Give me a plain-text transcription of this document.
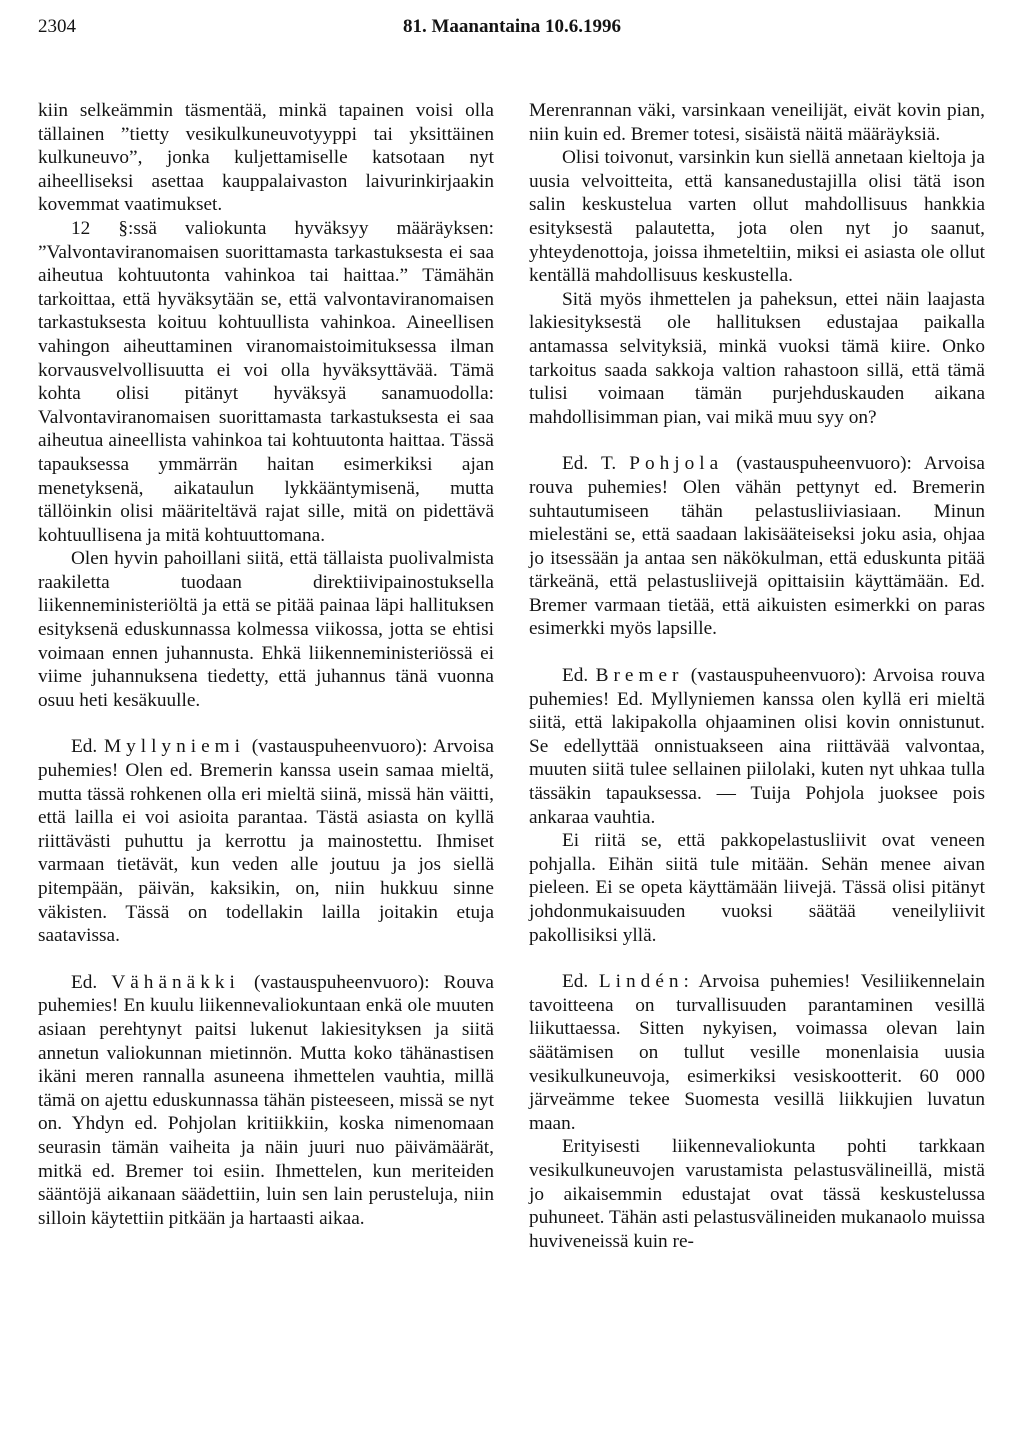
2304	81. Maanantaina 10.6.1996

kiin selkeämmin täsmentää, minkä tapainen voisi olla tällainen ”tietty vesikulkuneuvotyyppi tai yksittäinen kulkuneuvo”, jonka kuljettamiselle katsotaan nyt aiheelliseksi asettaa kauppalaivaston laivurinkirjaakin kovemmat vaatimukset.

12 §:ssä valiokunta hyväksyy määräyksen: ”Valvontaviranomaisen suorittamasta tarkastuksesta ei saa aiheutua kohtuutonta vahinkoa tai haittaa.” Tämähän tarkoittaa, että hyväksytään se, että valvontaviranomaisen tarkastuksesta koituu kohtuullista vahinkoa. Aineellisen vahingon aiheuttaminen viranomaistoimituksessa ilman korvausvelvollisuutta ei voi olla hyväksyttävää. Tämä kohta olisi pitänyt hyväksyä sanamuodolla: Valvontaviranomaisen suorittamasta tarkastuksesta ei saa aiheutua aineellista vahinkoa tai kohtuutonta haittaa. Tässä tapauksessa ymmärrän haitan esimerkiksi ajan menetyksenä, aikataulun lykkääntymisenä, mutta tällöinkin olisi määriteltävä rajat sille, mitä on pidettävä kohtuullisena ja mitä kohtuuttomana.

Olen hyvin pahoillani siitä, että tällaista puolivalmista raakiletta tuodaan direktiivipainostuksella liikenneministeriöltä ja että se pitää painaa läpi hallituksen esityksenä eduskunnassa kolmessa viikossa, jotta se ehtisi voimaan ennen juhannusta. Ehkä liikenneministeriössä ei viime juhannuksena tiedetty, että juhannus tänä vuonna osuu heti kesäkuulle.

Ed. Myllyniemi (vastauspuheenvuoro): Arvoisa puhemies! Olen ed. Bremerin kanssa usein samaa mieltä, mutta tässä rohkenen olla eri mieltä siinä, missä hän väitti, että lailla ei voi asioita parantaa. Tästä asiasta on kyllä riittävästi puhuttu ja kerrottu ja mainostettu. Ihmiset varmaan tietävät, kun veden alle joutuu ja jos siellä pitempään, päivän, kaksikin, on, niin hukkuu sinne väkisten. Tässä on todellakin lailla joitakin etuja saatavissa.

Ed. Vähänäkki (vastauspuheenvuoro): Rouva puhemies! En kuulu liikennevaliokuntaan enkä ole muuten asiaan perehtynyt paitsi lukenut lakiesityksen ja siitä annetun valiokunnan mietinnön. Mutta koko tähänastisen ikäni meren rannalla asuneena ihmettelen vauhtia, millä tämä on ajettu eduskunnassa tähän pisteeseen, missä se nyt on. Yhdyn ed. Pohjolan kritiikkiin, koska nimenomaan seurasin tämän vaiheita ja näin juuri nuo päivämäärät, mitkä ed. Bremer toi esiin. Ihmettelen, kun meriteiden sääntöjä aikanaan säädettiin, luin sen lain perusteluja, niin silloin käytettiin pitkään ja hartaasti aikaa.

Merenrannan väki, varsinkaan veneilijät, eivät kovin pian, niin kuin ed. Bremer totesi, sisäistä näitä määräyksiä.

Olisi toivonut, varsinkin kun siellä annetaan kieltoja ja uusia velvoitteita, että kansanedustajilla olisi tätä ison salin keskustelua varten ollut mahdollisuus hankkia esityksestä palautetta, jota olen nyt jo saanut, yhteydenottoja, joissa ihmeteltiin, miksi ei asiasta ole ollut kentällä mahdollisuus keskustella.

Sitä myös ihmettelen ja paheksun, ettei näin laajasta lakiesityksestä ole hallituksen edustajaa paikalla antamassa selvityksiä, minkä vuoksi tämä kiire. Onko tarkoitus saada sakkoja valtion rahastoon sillä, että tämä tulisi voimaan tämän purjehduskauden aikana mahdollisimman pian, vai mikä muu syy on?

Ed. T. Pohjola (vastauspuheenvuoro): Arvoisa rouva puhemies! Olen vähän pettynyt ed. Bremerin suhtautumiseen tähän pelastusliiviasiaan. Minun mielestäni se, että saadaan lakisääteiseksi joku asia, ohjaa jo itsessään ja antaa sen näkökulman, että eduskunta pitää tärkeänä, että pelastusliivejä opittaisiin käyttämään. Ed. Bremer varmaan tietää, että aikuisten esimerkki on paras esimerkki myös lapsille.

Ed. Bremer (vastauspuheenvuoro): Arvoisa rouva puhemies! Ed. Myllyniemen kanssa olen kyllä eri mieltä siitä, että lakipakolla ohjaaminen olisi kovin onnistunut. Se edellyttää onnistuakseen aina riittävää valvontaa, muuten siitä tulee sellainen piilolaki, kuten nyt uhkaa tulla tässäkin tapauksessa. — Tuija Pohjola juoksee pois ankaraa vauhtia.

Ei riitä se, että pakkopelastusliivit ovat veneen pohjalla. Eihän siitä tule mitään. Sehän menee aivan pieleen. Ei se opeta käyttämään liivejä. Tässä olisi pitänyt johdonmukaisuuden vuoksi säätää veneilyliivit pakollisiksi yllä.

Ed. Lindén: Arvoisa puhemies! Vesiliikennelain tavoitteena on turvallisuuden parantaminen vesillä liikuttaessa. Sitten nykyisen, voimassa olevan lain säätämisen on tullut vesille monenlaisia uusia vesikulkuneuvoja, esimerkiksi vesiskootterit. 60 000 järveämme tekee Suomesta vesillä liikkujien luvatun maan.

Erityisesti liikennevaliokunta pohti tarkkaan vesikulkuneuvojen varustamista pelastusvälineillä, mistä jo aikaisemmin edustajat ovat tässä keskustelussa puhuneet. Tähän asti pelastusvälineiden mukanaolo muissa huviveneissä kuin re-
